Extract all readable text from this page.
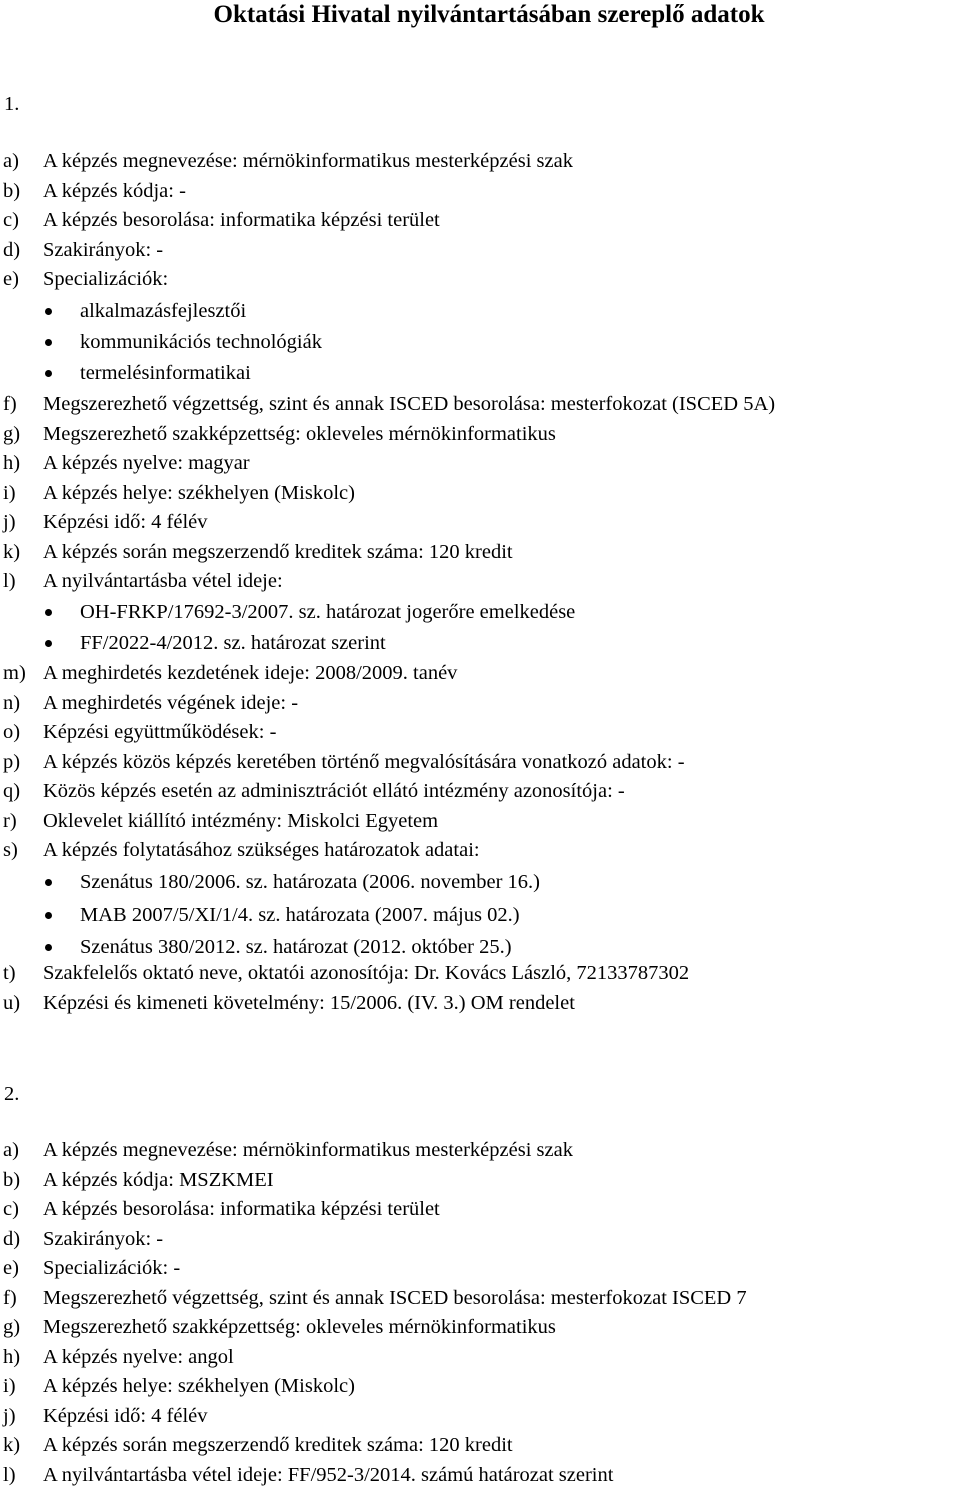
Oktatási Hivatal nyilvántartásában szereplő adatok
1.
a) A képzés megnevezése: mérnökinformatikus mesterképzési szak
b) A képzés kódja: -
c) A képzés besorolása: informatika képzési terület
d) Szakirányok: -
e) Specializációk:
alkalmazásfejlesztői
kommunikációs technológiák
termelésinformatikai
f) Megszerezhető végzettség, szint és annak ISCED besorolása: mesterfokozat (ISCED 5A)
g) Megszerezhető szakképzettség: okleveles mérnökinformatikus
h) A képzés nyelve: magyar
i) A képzés helye: székhelyen (Miskolc)
j) Képzési idő: 4 félév
k) A képzés során megszerzendő kreditek száma: 120 kredit
l) A nyilvántartásba vétel ideje:
OH-FRKP/17692-3/2007. sz. határozat jogerőre emelkedése
FF/2022-4/2012. sz. határozat szerint
m) A meghirdetés kezdetének ideje: 2008/2009. tanév
n) A meghirdetés végének ideje: -
o) Képzési együttműködések: -
p) A képzés közös képzés keretében történő megvalósítására vonatkozó adatok: -
q) Közös képzés esetén az adminisztrációt ellátó intézmény azonosítója: -
r) Oklevelet kiállító intézmény: Miskolci Egyetem
s) A képzés folytatásához szükséges határozatok adatai:
Szenátus 180/2006. sz. határozata (2006. november 16.)
MAB 2007/5/XI/1/4. sz. határozata (2007. május 02.)
Szenátus 380/2012. sz. határozat (2012. október 25.)
t) Szakfelelős oktató neve, oktatói azonosítója: Dr. Kovács László, 72133787302
u) Képzési és kimeneti követelmény: 15/2006. (IV. 3.) OM rendelet
2.
a) A képzés megnevezése: mérnökinformatikus mesterképzési szak
b) A képzés kódja: MSZKMEI
c) A képzés besorolása: informatika képzési terület
d) Szakirányok: -
e) Specializációk: -
f) Megszerezhető végzettség, szint és annak ISCED besorolása: mesterfokozat ISCED 7
g) Megszerezhető szakképzettség: okleveles mérnökinformatikus
h) A képzés nyelve: angol
i) A képzés helye: székhelyen (Miskolc)
j) Képzési idő: 4 félév
k) A képzés során megszerzendő kreditek száma: 120 kredit
l) A nyilvántartásba vétel ideje: FF/952-3/2014. számú határozat szerint
